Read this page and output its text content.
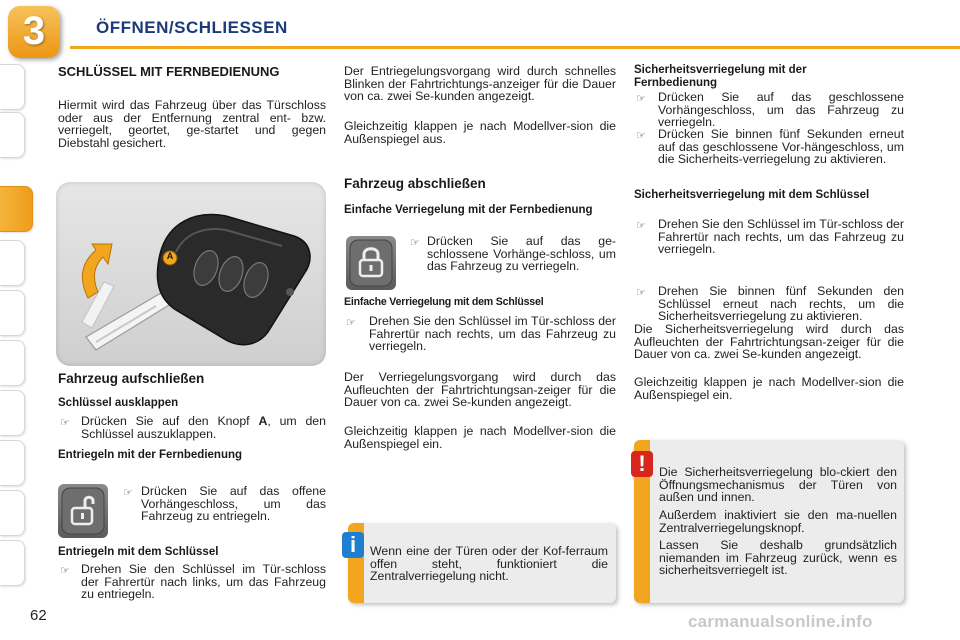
3	ÖFFNEN/SCHLIESSEN
SCHLÜSSEL MIT FERNBEDIENUNG
Hiermit wird das Fahrzeug über das Türschloss oder aus der Entfernung zentral ent- bzw. verriegelt, geortet, ge-startet und gegen Diebstahl gesichert.
A
Fahrzeug aufschließen
Schlüssel ausklappen
☞ Drücken Sie auf den Knopf A, um den Schlüssel auszuklappen.
Entriegeln mit der Fernbedienung
☞ Drücken Sie auf das offene Vorhängeschloss, um das Fahrzeug zu entriegeln.
Entriegeln mit dem Schlüssel
☞ Drehen Sie den Schlüssel im Tür-schloss der Fahrertür nach links, um das Fahrzeug zu entriegeln.
Der Entriegelungsvorgang wird durch schnelles Blinken der Fahrtrichtungs-anzeiger für die Dauer von ca. zwei Se-kunden angezeigt.
Gleichzeitig klappen je nach Modellver-sion die Außenspiegel aus.
Fahrzeug abschließen
Einfache Verriegelung mit der Fernbedienung
☞ Drücken Sie auf das ge-schlossene Vorhänge-schloss, um das Fahrzeug zu verriegeln.
Einfache Verriegelung mit dem Schlüssel
☞ Drehen Sie den Schlüssel im Tür-schloss der Fahrertür nach rechts, um das Fahrzeug zu verriegeln.
Der Verriegelungsvorgang wird durch das Aufleuchten der Fahrtrichtungsan-zeiger für die Dauer von ca. zwei Se-kunden angezeigt.
Gleichzeitig klappen je nach Modellver-sion die Außenspiegel ein.
Sicherheitsverriegelung mit der Fernbedienung
☞ Drücken Sie auf das geschlossene Vorhängeschloss, um das Fahrzeug zu verriegeln.
☞ Drücken Sie binnen fünf Sekunden erneut auf das geschlossene Vor-hängeschloss, um die Sicherheits-verriegelung zu aktivieren.
Sicherheitsverriegelung mit dem Schlüssel
☞ Drehen Sie den Schlüssel im Tür-schloss der Fahrertür nach rechts, um das Fahrzeug zu verriegeln.
☞ Drehen Sie binnen fünf Sekunden den Schlüssel erneut nach rechts, um die Sicherheitsverriegelung zu aktivieren.
Die Sicherheitsverriegelung wird durch das Aufleuchten der Fahrtrichtungsan-zeiger für die Dauer von ca. zwei Se-kunden angezeigt.
Gleichzeitig klappen je nach Modellver-sion die Außenspiegel ein.
!	Die Sicherheitsverriegelung blo-ckiert den Öffnungsmechanismus der Türen von außen und innen.
Außerdem inaktiviert sie den ma-nuellen Zentralverriegelungsknopf.
Lassen Sie deshalb grundsätzlich niemanden im Fahrzeug zurück, wenn es sicherheitsverriegelt ist.
i	Wenn eine der Türen oder der Kof-ferraum offen steht, funktioniert die Zentralverriegelung nicht.
62	carmanualsonline.info
